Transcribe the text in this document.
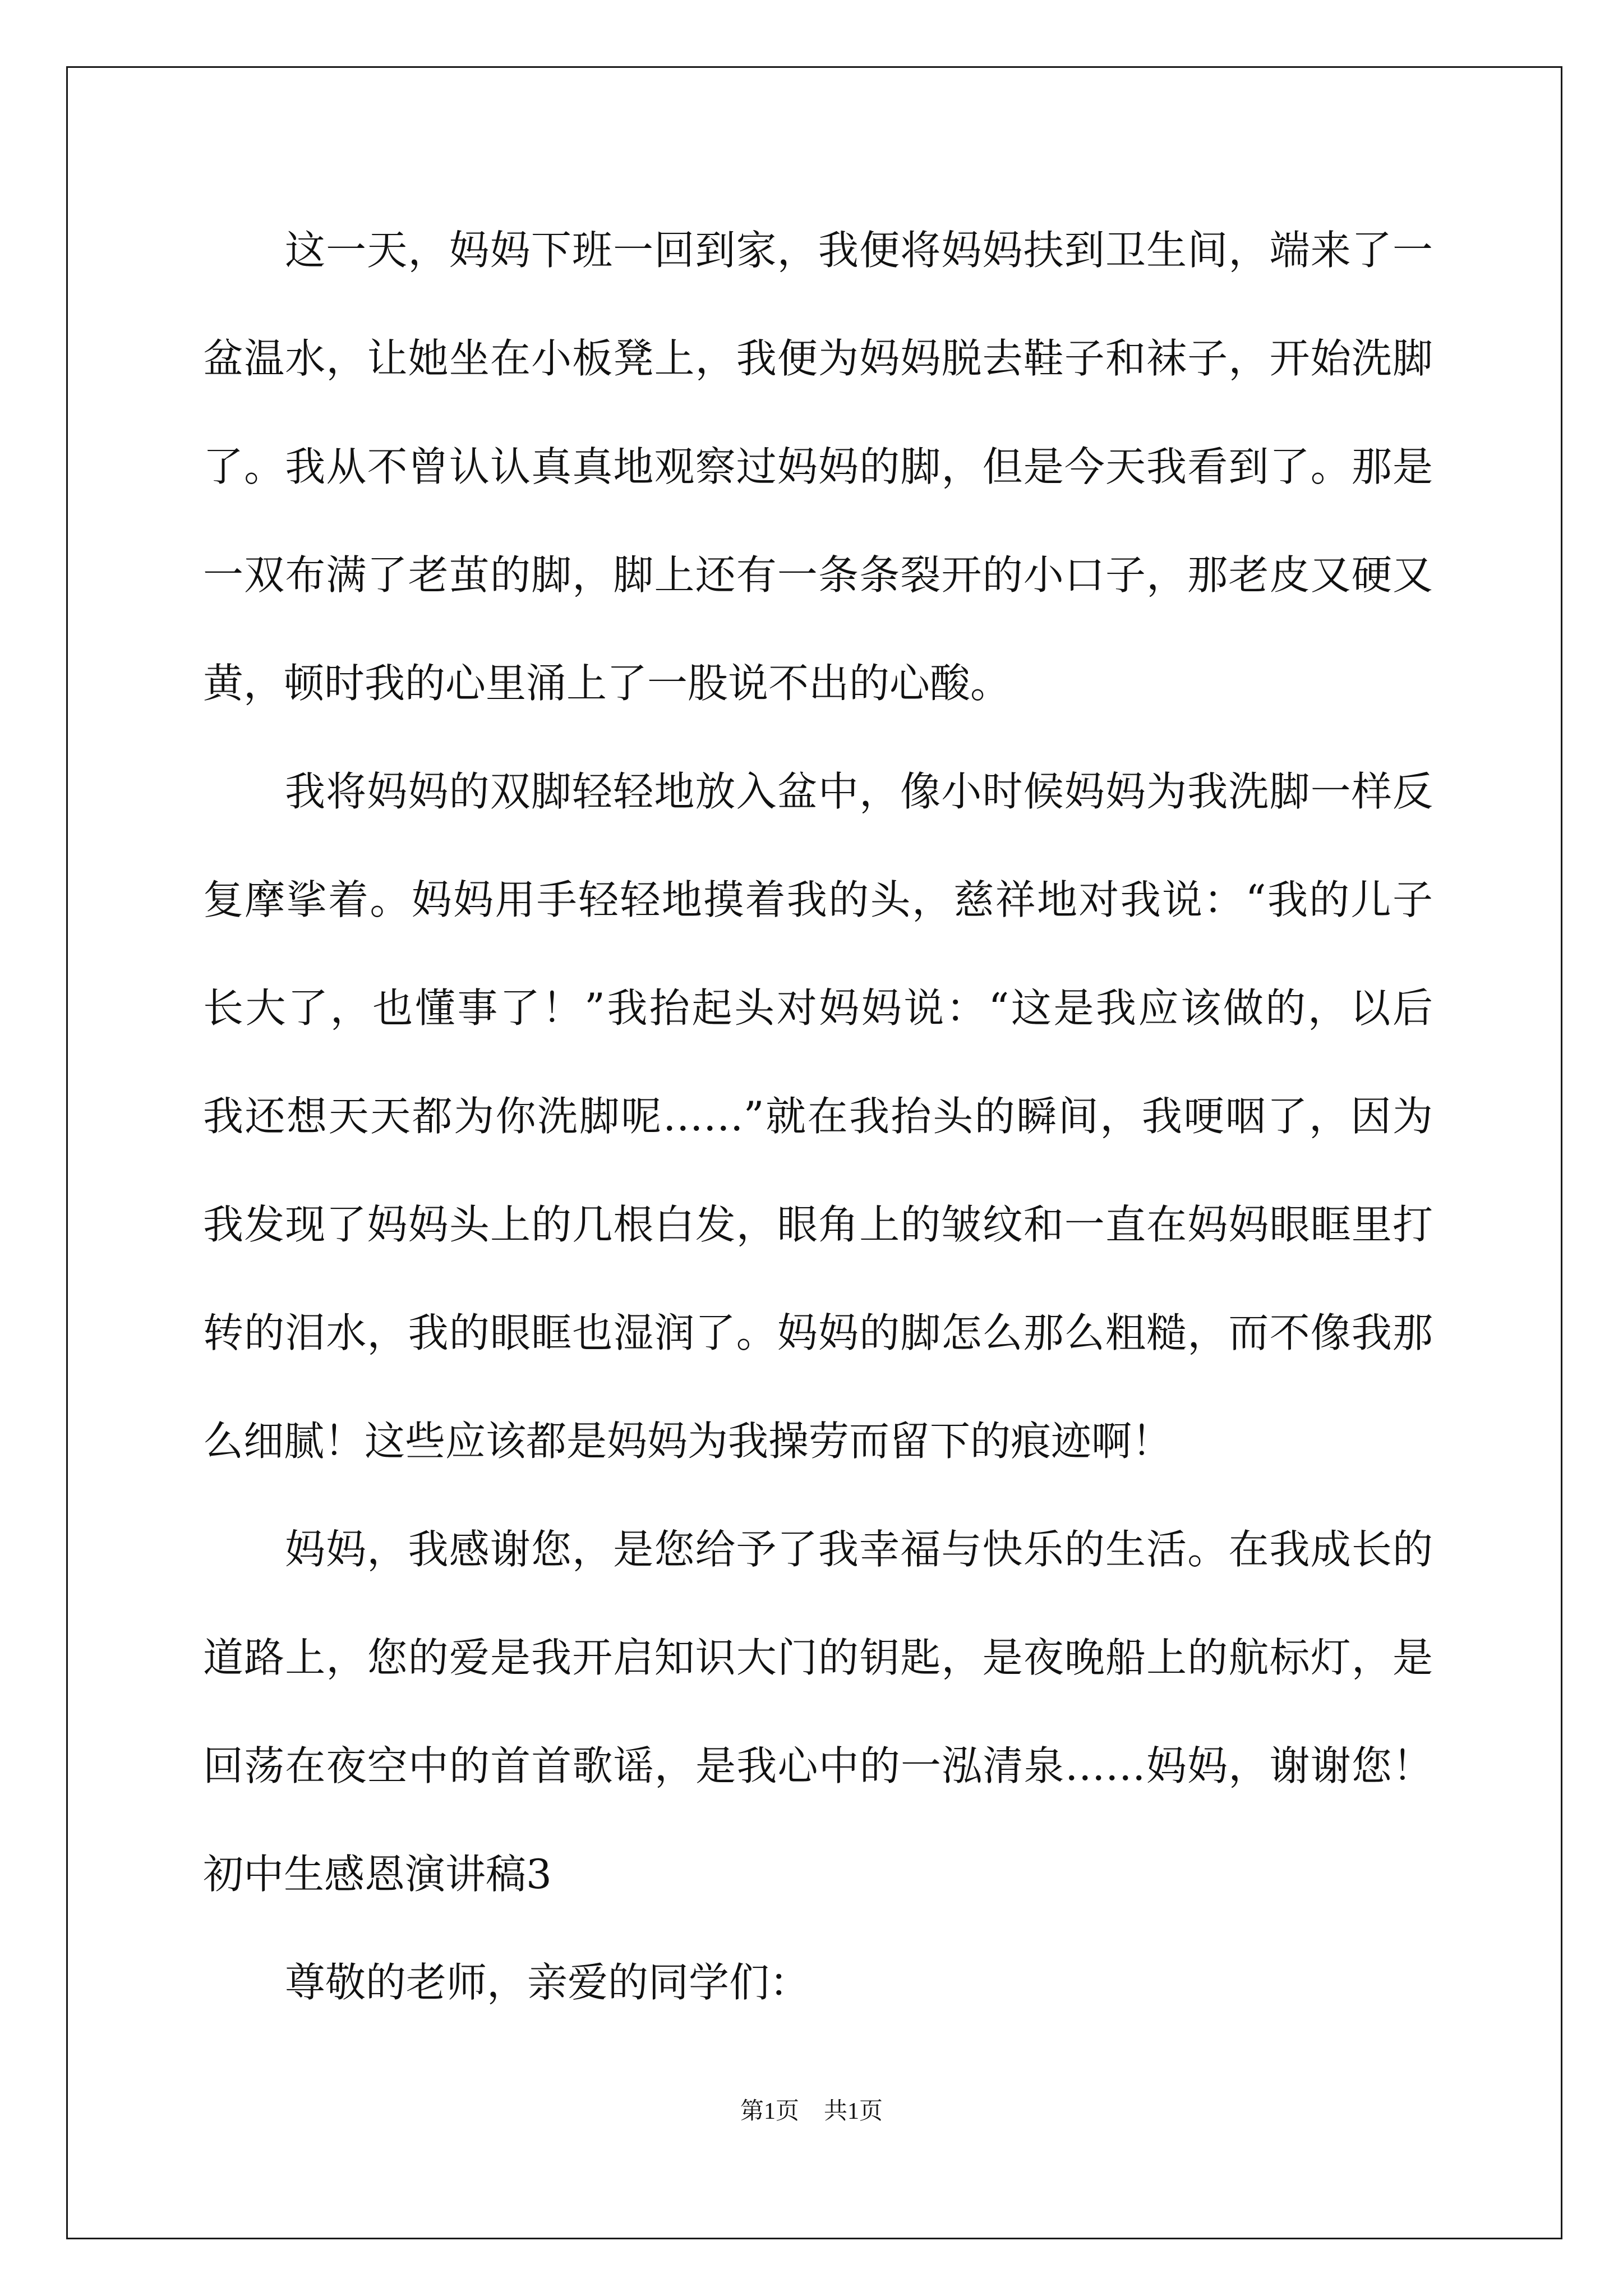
这一天，妈妈下班一回到家，我便将妈妈扶到卫生间，端来了一
盆温水，让她坐在小板凳上，我便为妈妈脱去鞋子和袜子，开始洗脚
了。我从不曾认认真真地观察过妈妈的脚，但是今天我看到了。那是
一双布满了老茧的脚，脚上还有一条条裂开的小口子，那老皮又硬又
黄，顿时我的心里涌上了一股说不出的心酸。
我将妈妈的双脚轻轻地放入盆中，像小时候妈妈为我洗脚一样反
复摩挲着。妈妈用手轻轻地摸着我的头，慈祥地对我说：“我的儿子
长大了，也懂事了！”我抬起头对妈妈说：“这是我应该做的，以后
我还想天天都为你洗脚呢……”就在我抬头的瞬间，我哽咽了，因为
我发现了妈妈头上的几根白发，眼角上的皱纹和一直在妈妈眼眶里打
转的泪水，我的眼眶也湿润了。妈妈的脚怎么那么粗糙，而不像我那
么细腻！这些应该都是妈妈为我操劳而留下的痕迹啊！
妈妈，我感谢您，是您给予了我幸福与快乐的生活。在我成长的
道路上，您的爱是我开启知识大门的钥匙，是夜晚船上的航标灯，是
回荡在夜空中的首首歌谣，是我心中的一泓清泉……妈妈，谢谢您！
初中生感恩演讲稿3
尊敬的老师，亲爱的同学们：
第1页 共1页
